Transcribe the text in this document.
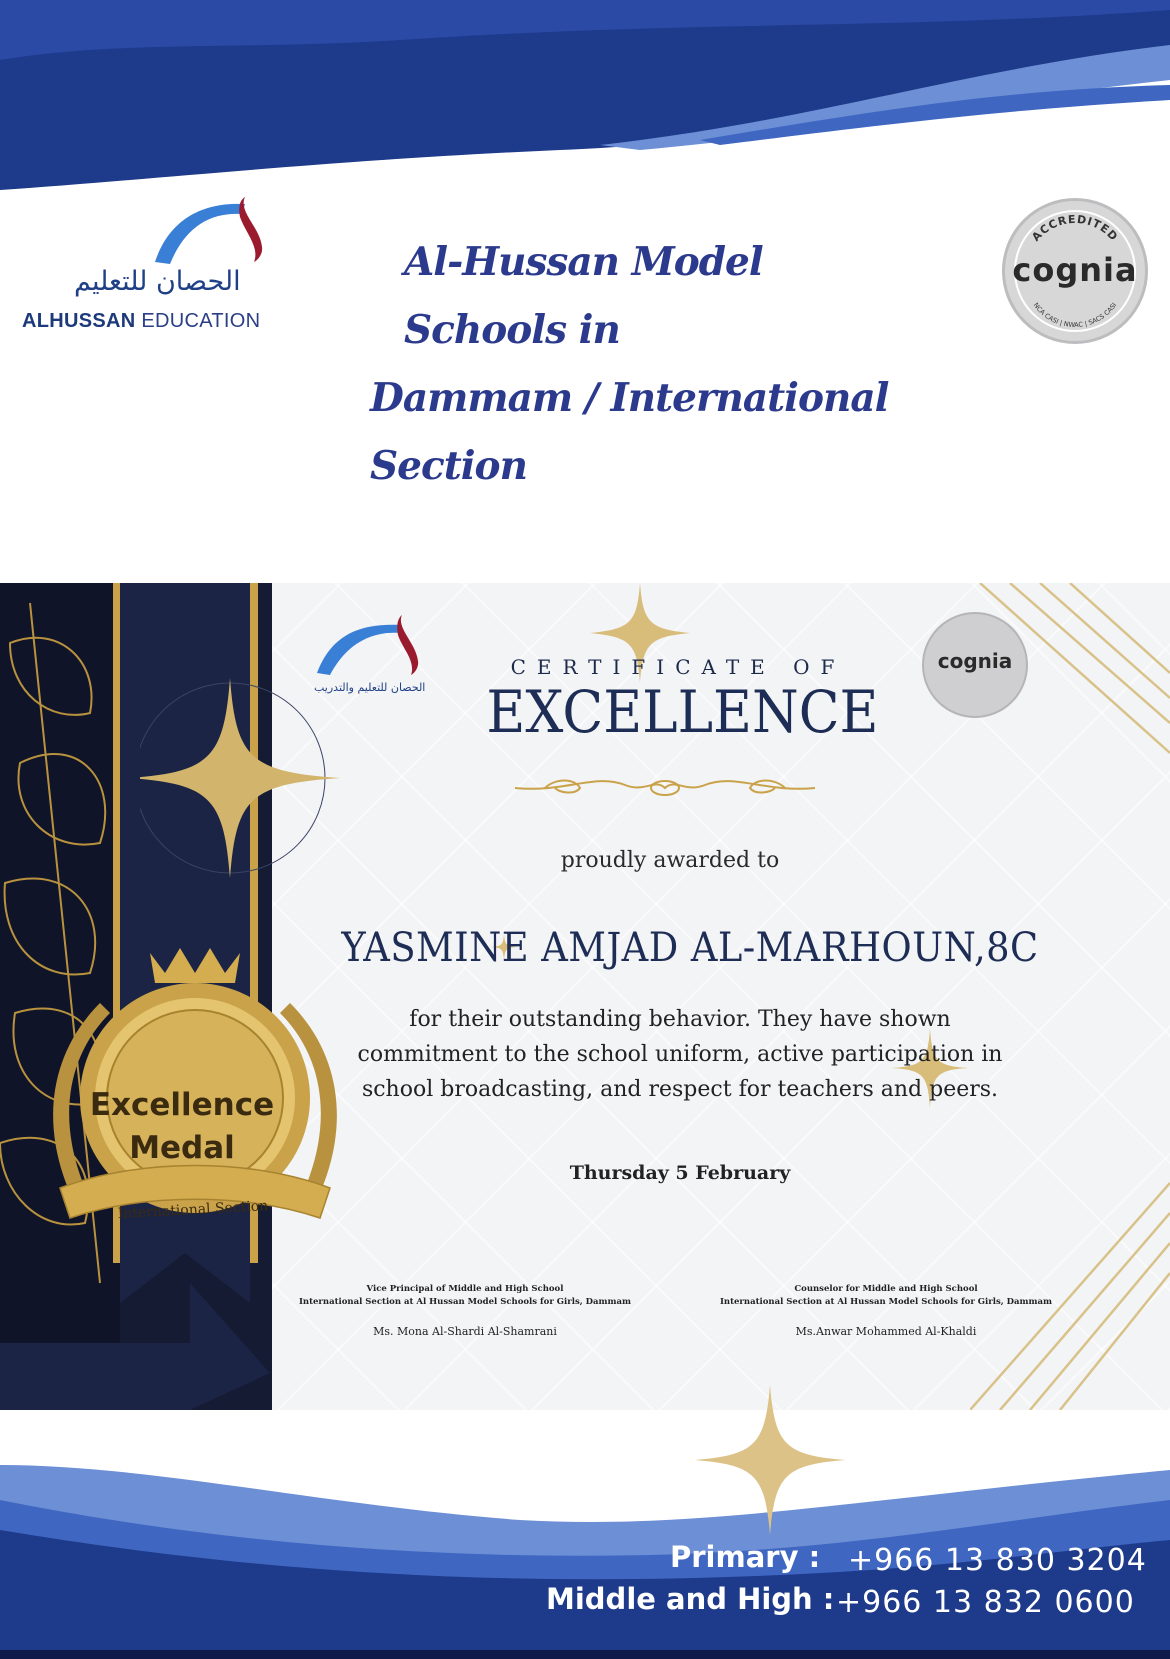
الحصان للتعليم
ALHUSSAN EDUCATION
Al-Hussan Model Schools in
Dammam / International Section
ACCREDITED
NCA CASI | NWAC | SACS CASI
cognia
الحصان للتعليم والتدريب
cognia
Excellence
Medal
International Section
CERTIFICATE OF
EXCELLENCE
proudly awarded to
YASMINE AMJAD AL-MARHOUN,8C
for their outstanding behavior. They have shown commitment to the school uniform, active participation in school broadcasting, and respect for teachers and peers.
Thursday 5 February
Vice Principal of Middle and High School
International Section at Al Hussan Model Schools for Girls, Dammam
Ms. Mona Al-Shardi Al-Shamrani
Counselor for Middle and High School
International Section at Al Hussan Model Schools for Girls, Dammam
Ms.Anwar Mohammed Al-Khaldi
Primary : +966 13 830 3204
Middle and High : +966 13 832 0600
